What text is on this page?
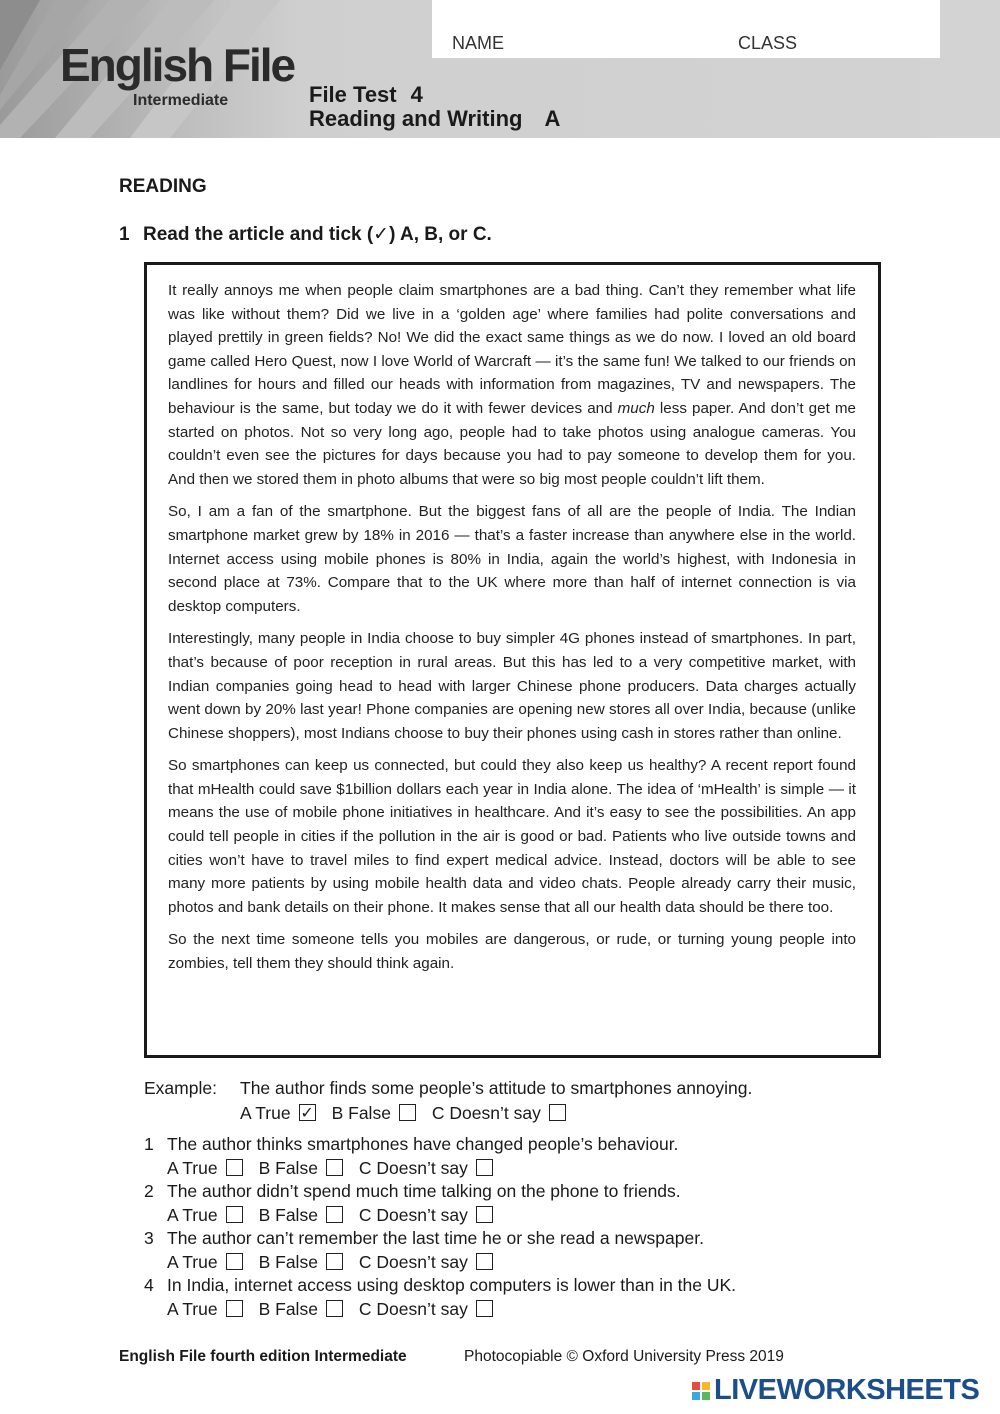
English File
Intermediate
NAME	CLASS
File Test 4
Reading and Writing A
READING
1 Read the article and tick (✓) A, B, or C.

It really annoys me when people claim smartphones are a bad thing. Can’t they remember what life was like without them? Did we live in a ‘golden age’ where families had polite conversations and played prettily in green fields? No! We did the exact same things as we do now. I loved an old board game called Hero Quest, now I love World of Warcraft — it’s the same fun! We talked to our friends on landlines for hours and filled our heads with information from magazines, TV and newspapers. The behaviour is the same, but today we do it with fewer devices and much less paper. And don’t get me started on photos. Not so very long ago, people had to take photos using analogue cameras. You couldn’t even see the pictures for days because you had to pay someone to develop them for you. And then we stored them in photo albums that were so big most people couldn’t lift them.

So, I am a fan of the smartphone. But the biggest fans of all are the people of India. The Indian smartphone market grew by 18% in 2016 — that’s a faster increase than anywhere else in the world. Internet access using mobile phones is 80% in India, again the world’s highest, with Indonesia in second place at 73%. Compare that to the UK where more than half of internet connection is via desktop computers.

Interestingly, many people in India choose to buy simpler 4G phones instead of smartphones. In part, that’s because of poor reception in rural areas. But this has led to a very competitive market, with Indian companies going head to head with larger Chinese phone producers. Data charges actually went down by 20% last year! Phone companies are opening new stores all over India, because (unlike Chinese shoppers), most Indians choose to buy their phones using cash in stores rather than online.

So smartphones can keep us connected, but could they also keep us healthy? A recent report found that mHealth could save $1billion dollars each year in India alone. The idea of ‘mHealth’ is simple — it means the use of mobile phone initiatives in healthcare. And it’s easy to see the possibilities. An app could tell people in cities if the pollution in the air is good or bad. Patients who live outside towns and cities won’t have to travel miles to find expert medical advice. Instead, doctors will be able to see many more patients by using mobile health data and video chats. People already carry their music, photos and bank details on their phone. It makes sense that all our health data should be there too.

So the next time someone tells you mobiles are dangerous, or rude, or turning young people into zombies, tell them they should think again.

Example: The author finds some people’s attitude to smartphones annoying.
A True ✓ B False C Doesn’t say
1 The author thinks smartphones have changed people’s behaviour.
A True B False C Doesn’t say
2 The author didn’t spend much time talking on the phone to friends.
A True B False C Doesn’t say
3 The author can’t remember the last time he or she read a newspaper.
A True B False C Doesn’t say
4 In India, internet access using desktop computers is lower than in the UK.
A True B False C Doesn’t say
English File fourth edition Intermediate	Photocopiable © Oxford University Press 2019
LIVEWORKSHEETS
